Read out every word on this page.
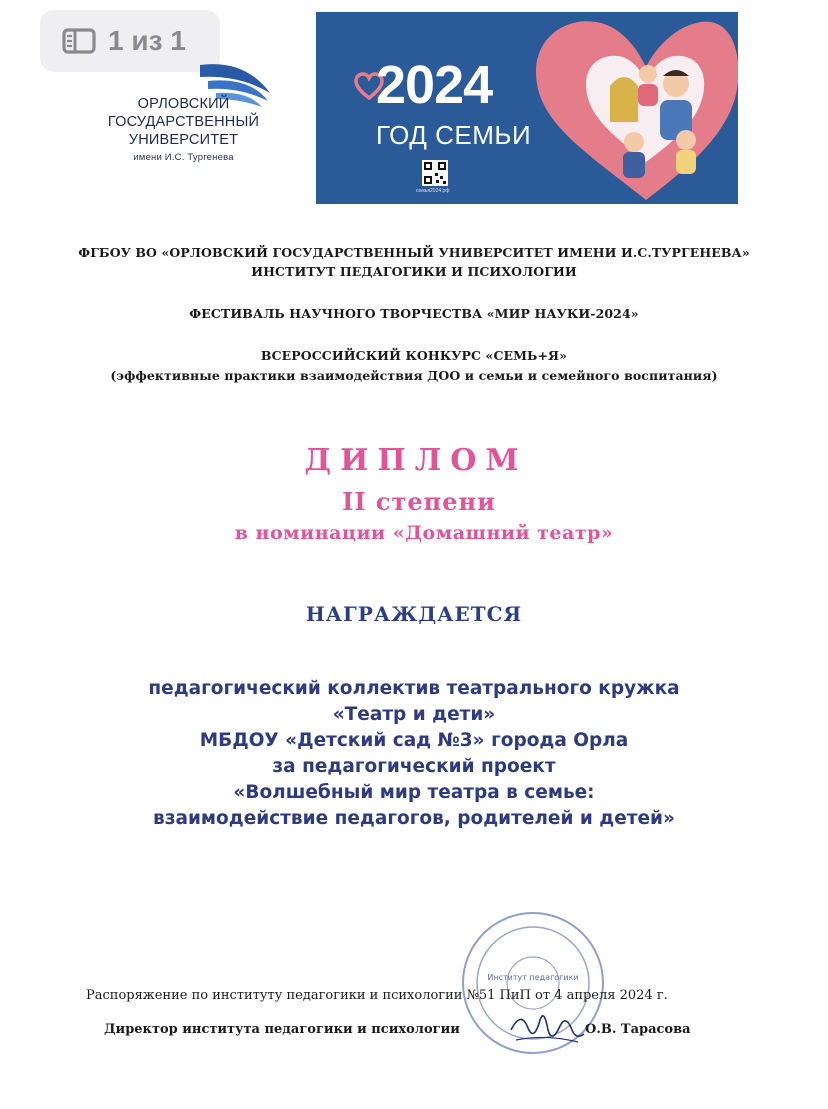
1 из 1
ОРЛОВСКИЙ
ГОСУДАРСТВЕННЫЙ
УНИВЕРСИТЕТ
имени И.С. Тургенева
2024
ГОД СЕМЬИ
семья2024.рф
ФГБОУ ВО «ОРЛОВСКИЙ ГОСУДАРСТВЕННЫЙ УНИВЕРСИТЕТ ИМЕНИ И.С.ТУРГЕНЕВА»
ИНСТИТУТ ПЕДАГОГИКИ И ПСИХОЛОГИИ
ФЕСТИВАЛЬ НАУЧНОГО ТВОРЧЕСТВА «МИР НАУКИ-2024»
ВСЕРОССИЙСКИЙ КОНКУРС «СЕМЬ+Я»
(эффективные практики взаимодействия ДОО и семьи и семейного воспитания)
ДИПЛОМ
II степени
в номинации «Домашний театр»
НАГРАЖДАЕТСЯ
педагогический коллектив театрального кружка
«Театр и дети»
МБДОУ «Детский сад №3» города Орла
за педагогический проект
«Волшебный мир театра в семье:
взаимодействие педагогов, родителей и детей»
Институт педагогики
Распоряжение по институту педагогики и психологии №51 ПиП от 4 апреля 2024 г.
Директор института педагогики и психологии	О.В. Тарасова
